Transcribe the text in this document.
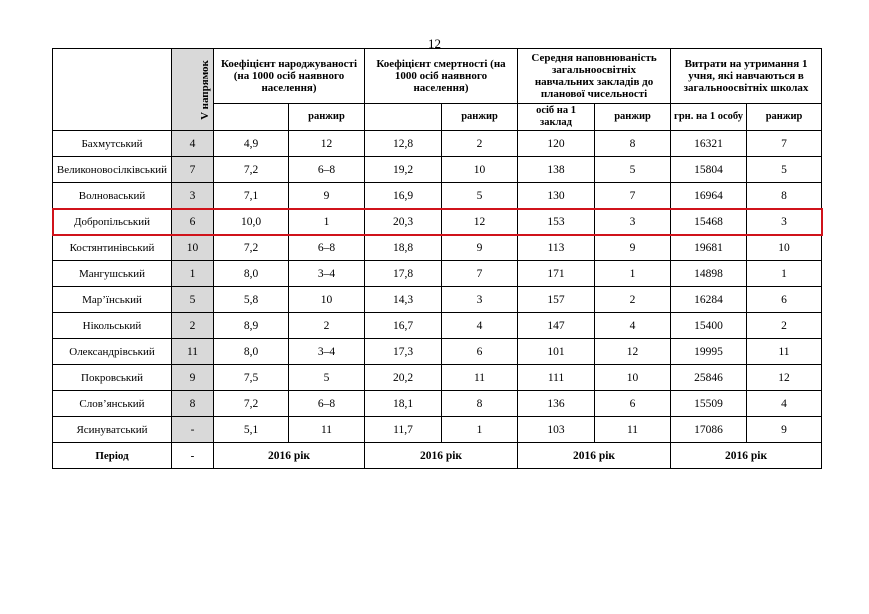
12
	V напрямок	Коефіцієнт народжуваності (на 1000 осіб наявного населення)		Коефіцієнт смертності (на 1000 осіб наявного населення)		Середня наповнюваність загальноосвітніх навчальних закладів до планової чисельності		Витрати на утримання 1 учня, які навчаються в загальноосвітніх школах	
			ранжир		ранжир	осіб на 1 заклад	ранжир	грн. на 1 особу	ранжир
Бахмутський	4	4,9	12	12,8	2	120	8	16321	7
Великоновосілківський	7	7,2	6–8	19,2	10	138	5	15804	5
Волноваський	3	7,1	9	16,9	5	130	7	16964	8
Добропільський	6	10,0	1	20,3	12	153	3	15468	3
Костянтинівський	10	7,2	6–8	18,8	9	113	9	19681	10
Мангушський	1	8,0	3–4	17,8	7	171	1	14898	1
Мар’їнський	5	5,8	10	14,3	3	157	2	16284	6
Нікольський	2	8,9	2	16,7	4	147	4	15400	2
Олександрівський	11	8,0	3–4	17,3	6	101	12	19995	11
Покровський	9	7,5	5	20,2	11	111	10	25846	12
Слов’янський	8	7,2	6–8	18,1	8	136	6	15509	4
Ясинуватський	-	5,1	11	11,7	1	103	11	17086	9
Період	-	2016 рік		2016 рік		2016 рік		2016 рік	
